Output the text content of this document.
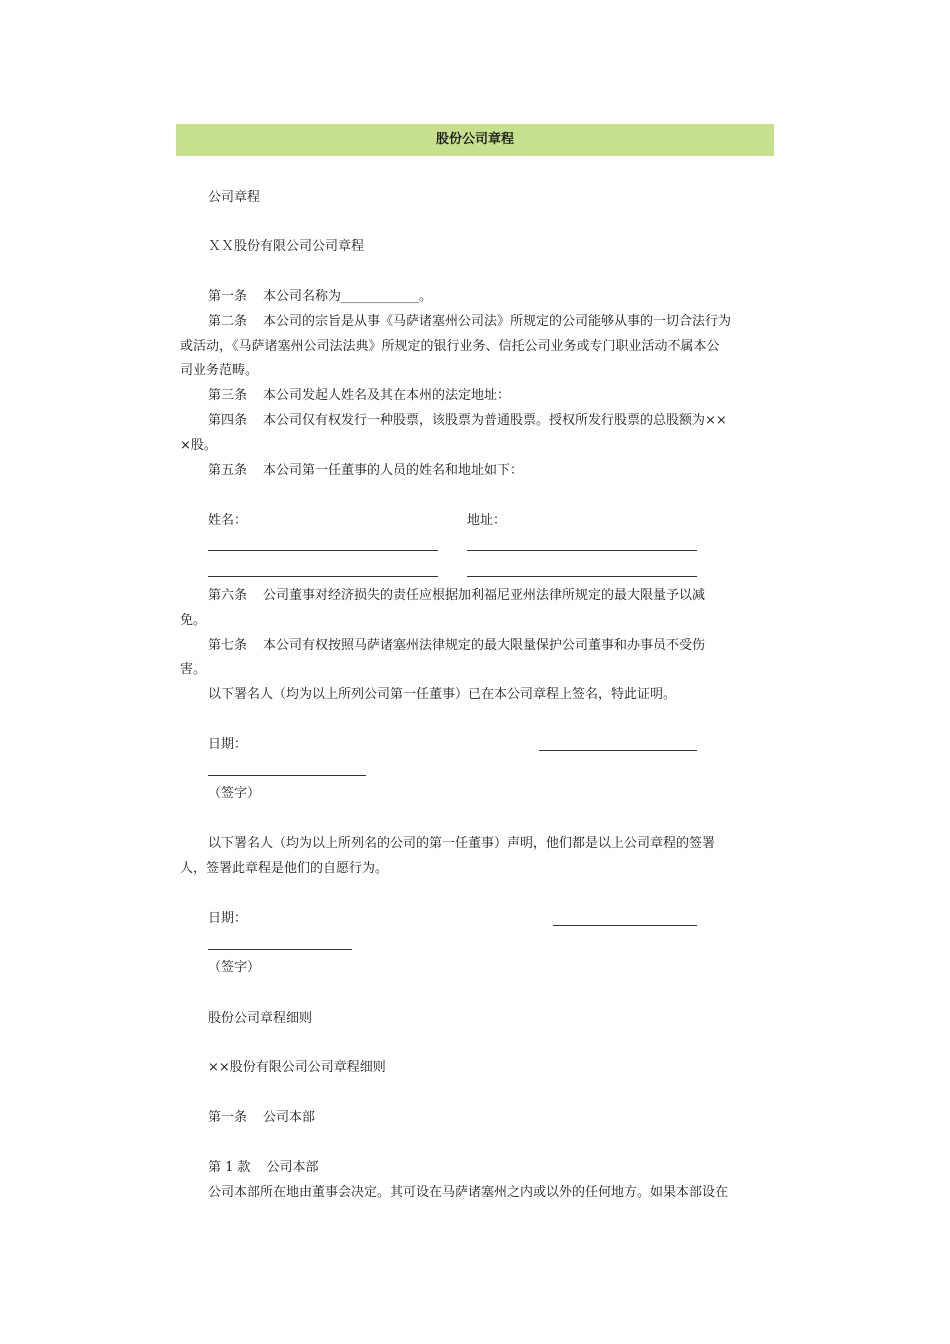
股份公司章程
公司章程
ＸＸ股份有限公司公司章程
第一条 本公司名称为____________。
第二条 本公司的宗旨是从事《马萨诸塞州公司法》所规定的公司能够从事的一切合法行为
或活动，《马萨诸塞州公司法法典》所规定的银行业务、信托公司业务或专门职业活动不属本公
司业务范畴。
第三条 本公司发起人姓名及其在本州的法定地址：
第四条 本公司仅有权发行一种股票，该股票为普通股票。授权所发行股票的总股额为××
×股。
第五条 本公司第一任董事的人员的姓名和地址如下：
姓名：	地址：
第六条 公司董事对经济损失的责任应根据加利福尼亚州法律所规定的最大限量予以减
免。
第七条 本公司有权按照马萨诸塞州法律规定的最大限量保护公司董事和办事员不受伤
害。
以下署名人（均为以上所列公司第一任董事）已在本公司章程上签名，特此证明。
日期：
（签字）
以下署名人（均为以上所列名的公司的第一任董事）声明，他们都是以上公司章程的签署
人，签署此章程是他们的自愿行为。
日期：
（签字）
股份公司章程细则
××股份有限公司公司章程细则
第一条 公司本部
第 1 款 公司本部
公司本部所在地由董事会决定。其可设在马萨诸塞州之内或以外的任何地方。如果本部设在
